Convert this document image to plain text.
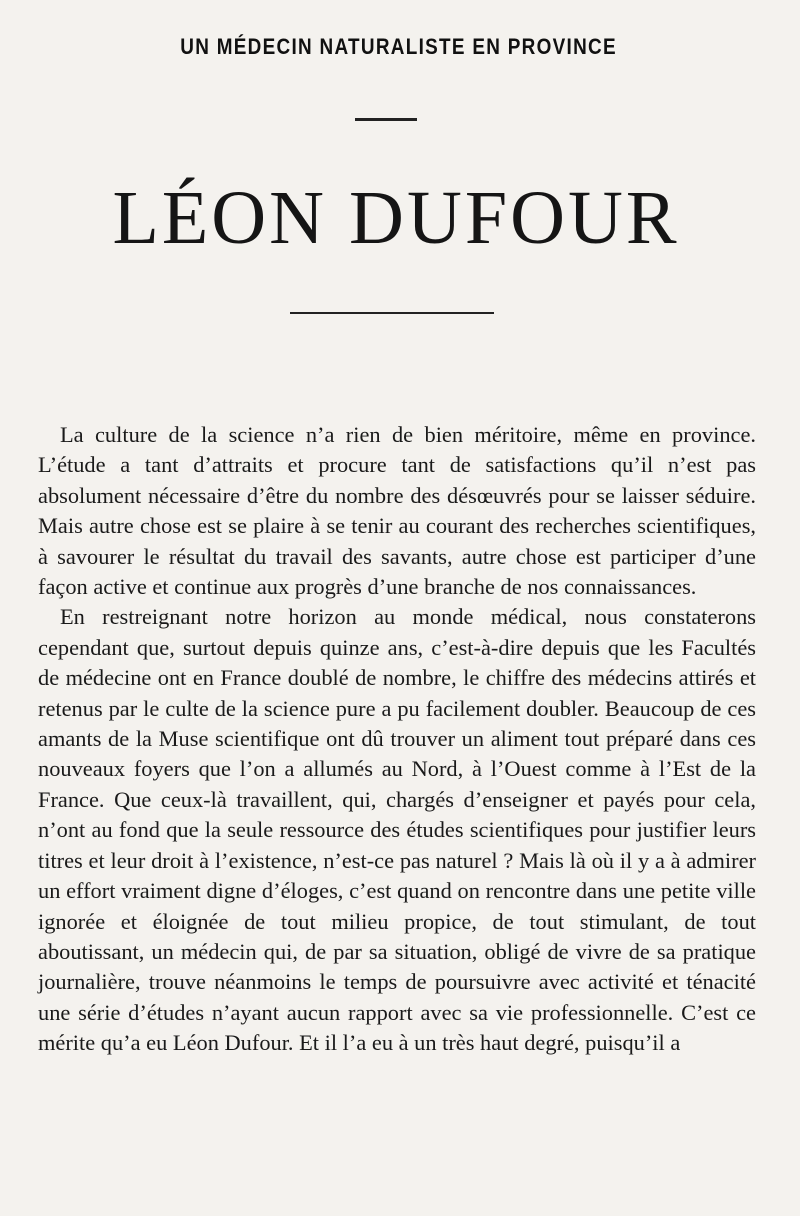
UN MÉDECIN NATURALISTE EN PROVINCE
LÉON DUFOUR

La culture de la science n’a rien de bien méritoire, même en province. L’étude a tant d’attraits et procure tant de satisfactions qu’il n’est pas absolument nécessaire d’être du nombre des désœuvrés pour se laisser séduire. Mais autre chose est se plaire à se tenir au courant des recherches scientifiques, à savourer le résultat du travail des savants, autre chose est participer d’une façon active et continue aux progrès d’une branche de nos connaissances.

En restreignant notre horizon au monde médical, nous constaterons cependant que, surtout depuis quinze ans, c’est-à-dire depuis que les Facultés de médecine ont en France doublé de nombre, le chiffre des médecins attirés et retenus par le culte de la science pure a pu facilement doubler. Beaucoup de ces amants de la Muse scientifique ont dû trouver un aliment tout préparé dans ces nouveaux foyers que l’on a allumés au Nord, à l’Ouest comme à l’Est de la France. Que ceux-là travaillent, qui, chargés d’enseigner et payés pour cela, n’ont au fond que la seule ressource des études scientifiques pour justifier leurs titres et leur droit à l’existence, n’est-ce pas naturel ? Mais là où il y a à admirer un effort vraiment digne d’éloges, c’est quand on rencontre dans une petite ville ignorée et éloignée de tout milieu propice, de tout stimulant, de tout aboutissant, un médecin qui, de par sa situation, obligé de vivre de sa pratique journalière, trouve néanmoins le temps de poursuivre avec activité et ténacité une série d’études n’ayant aucun rapport avec sa vie professionnelle. C’est ce mérite qu’a eu Léon Dufour. Et il l’a eu à un très haut degré, puisqu’il a
